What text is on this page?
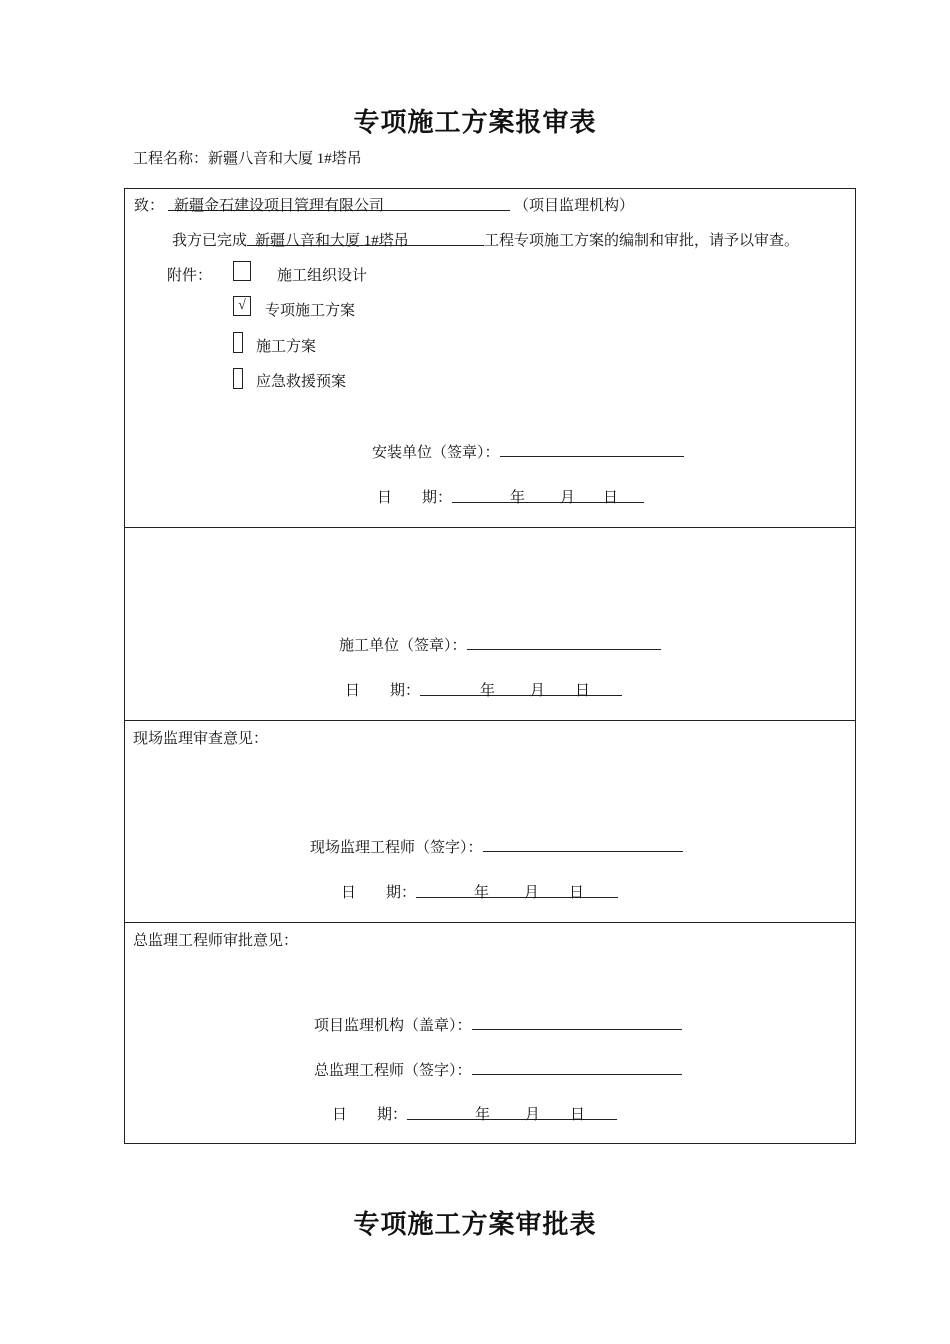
专项施工方案报审表
工程名称：新疆八音和大厦 1#塔吊
致： 新疆金石建设项目管理有限公司	（项目监理机构）
我方已完成 新疆八音和大厦 1#塔吊	工程专项施工方案的编制和审批，请予以审查。
附件：	施工组织设计
√	专项施工方案
施工方案
应急救援预案
安装单位（签章）：
日　　期：	年 月 日
施工单位（签章）：
日　　期：	年 月 日
现场监理审查意见：
现场监理工程师（签字）：
日　　期：	年 月 日
总监理工程师审批意见：
项目监理机构（盖章）：
总监理工程师（签字）：
日　　期：	年 月 日
专项施工方案审批表
